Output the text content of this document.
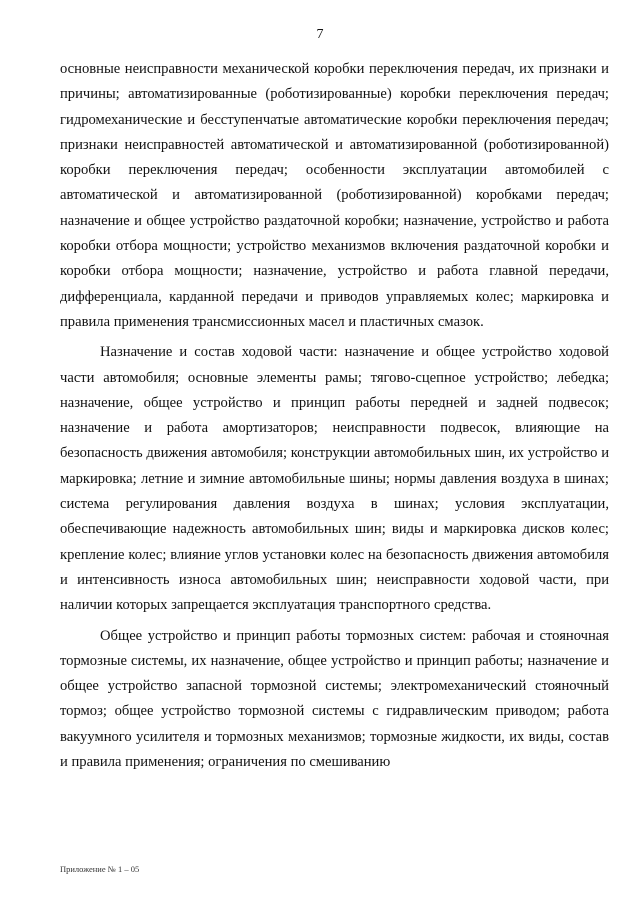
7

основные неисправности механической коробки переключения передач, их признаки и причины; автоматизированные (роботизированные) коробки переключения передач; гидромеханические и бесступенчатые автоматические коробки переключения передач; признаки неисправностей автоматической и автоматизированной (роботизированной) коробки переключения передач; особенности эксплуатации автомобилей с автоматической и автоматизированной (роботизированной) коробками передач; назначение и общее устройство раздаточной коробки; назначение, устройство и работа коробки отбора мощности; устройство механизмов включения раздаточной коробки и коробки отбора мощности; назначение, устройство и работа главной передачи, дифференциала, карданной передачи и приводов управляемых колес; маркировка и правила применения трансмиссионных масел и пластичных смазок.

Назначение и состав ходовой части: назначение и общее устройство ходовой части автомобиля; основные элементы рамы; тягово-сцепное устройство; лебедка; назначение, общее устройство и принцип работы передней и задней подвесок; назначение и работа амортизаторов; неисправности подвесок, влияющие на безопасность движения автомобиля; конструкции автомобильных шин, их устройство и маркировка; летние и зимние автомобильные шины; нормы давления воздуха в шинах; система регулирования давления воздуха в шинах; условия эксплуатации, обеспечивающие надежность автомобильных шин; виды и маркировка дисков колес; крепление колес; влияние углов установки колес на безопасность движения автомобиля и интенсивность износа автомобильных шин; неисправности ходовой части, при наличии которых запрещается эксплуатация транспортного средства.

Общее устройство и принцип работы тормозных систем: рабочая и стояночная тормозные системы, их назначение, общее устройство и принцип работы; назначение и общее устройство запасной тормозной системы; электромеханический стояночный тормоз; общее устройство тормозной системы с гидравлическим приводом; работа вакуумного усилителя и тормозных механизмов; тормозные жидкости, их виды, состав и правила применения; ограничения по смешиванию

Приложение № 1 – 05
